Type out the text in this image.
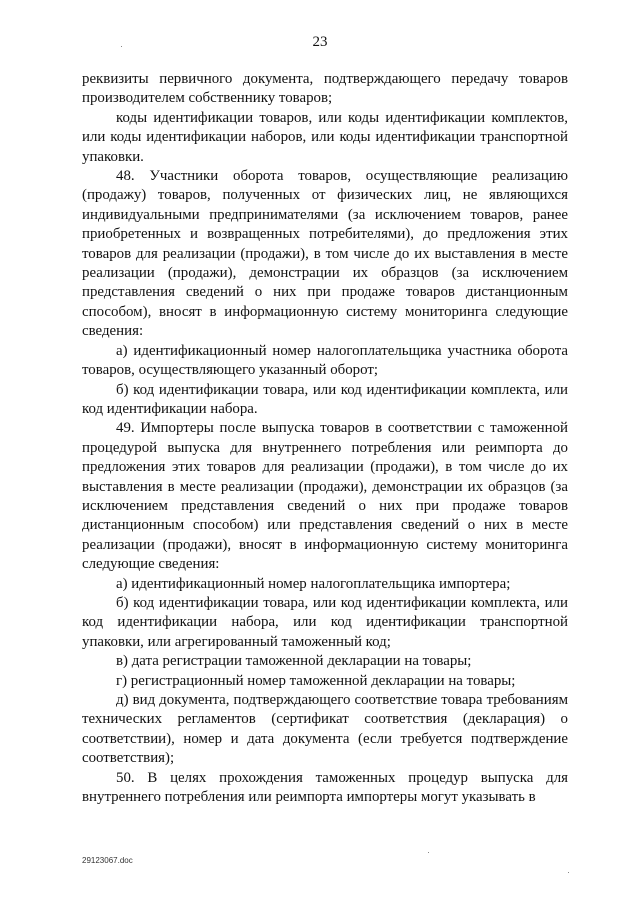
23

реквизиты первичного документа, подтверждающего передачу товаров производителем собственнику товаров;

коды идентификации товаров, или коды идентификации комплектов, или коды идентификации наборов, или коды идентификации транспортной упаковки.

48. Участники оборота товаров, осуществляющие реализацию (продажу) товаров, полученных от физических лиц, не являющихся индивидуальными предпринимателями (за исключением товаров, ранее приобретенных и возвращенных потребителями), до предложения этих товаров для реализации (продажи), в том числе до их выставления в месте реализации (продажи), демонстрации их образцов (за исключением представления сведений о них при продаже товаров дистанционным способом), вносят в информационную систему мониторинга следующие сведения:

а) идентификационный номер налогоплательщика участника оборота товаров, осуществляющего указанный оборот;

б) код идентификации товара, или код идентификации комплекта, или код идентификации набора.

49. Импортеры после выпуска товаров в соответствии с таможенной процедурой выпуска для внутреннего потребления или реимпорта до предложения этих товаров для реализации (продажи), в том числе до их выставления в месте реализации (продажи), демонстрации их образцов (за исключением представления сведений о них при продаже товаров дистанционным способом) или представления сведений о них в месте реализации (продажи), вносят в информационную систему мониторинга следующие сведения:

а) идентификационный номер налогоплательщика импортера;

б) код идентификации товара, или код идентификации комплекта, или код идентификации набора, или код идентификации транспортной упаковки, или агрегированный таможенный код;

в) дата регистрации таможенной декларации на товары;

г) регистрационный номер таможенной декларации на товары;

д) вид документа, подтверждающего соответствие товара требованиям технических регламентов (сертификат соответствия (декларация) о соответствии), номер и дата документа (если требуется подтверждение соответствия);

50. В целях прохождения таможенных процедур выпуска для внутреннего потребления или реимпорта импортеры могут указывать в

29123067.doc
